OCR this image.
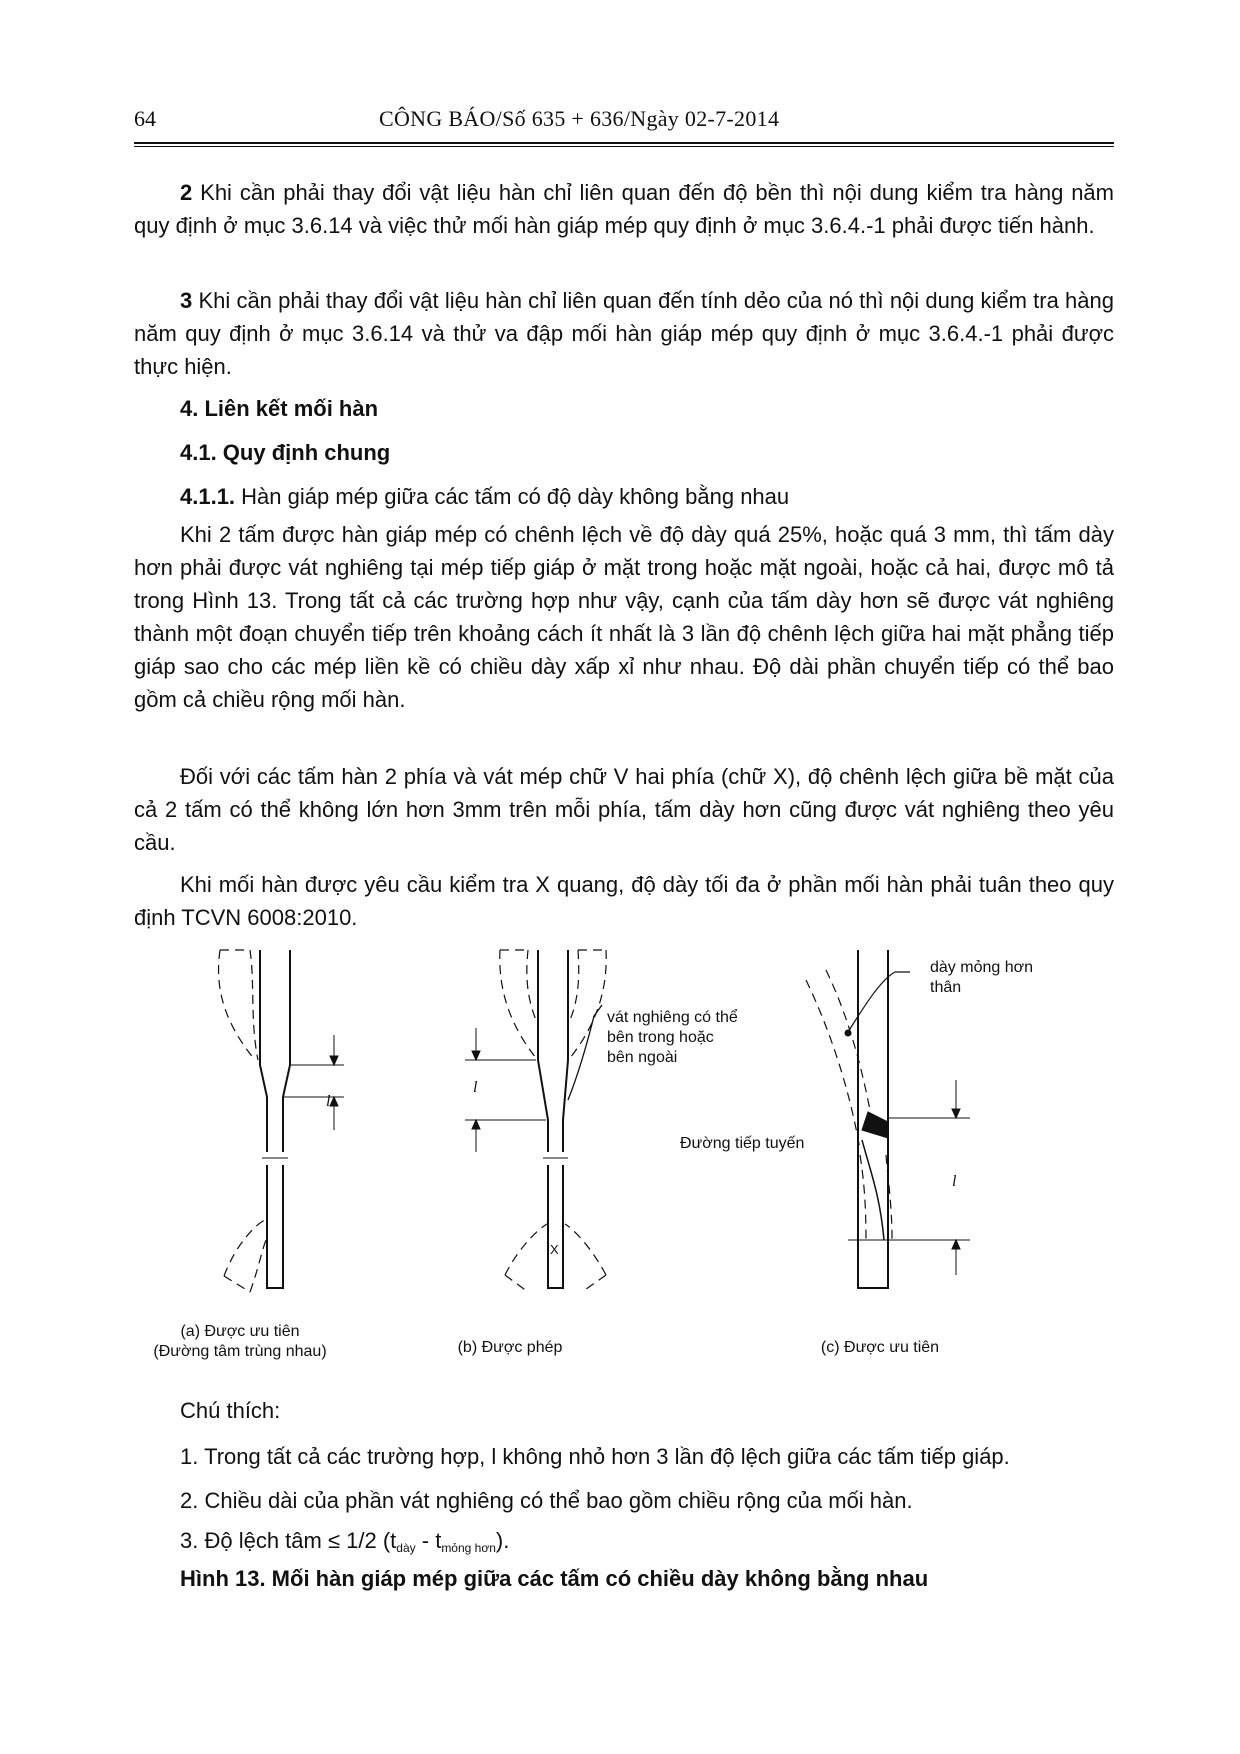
64	CÔNG BÁO/Số 635 + 636/Ngày 02-7-2014

2 Khi cần phải thay đổi vật liệu hàn chỉ liên quan đến độ bền thì nội dung kiểm tra hàng năm quy định ở mục 3.6.14 và việc thử mối hàn giáp mép quy định ở mục 3.6.4.-1 phải được tiến hành.

3 Khi cần phải thay đổi vật liệu hàn chỉ liên quan đến tính dẻo của nó thì nội dung kiểm tra hàng năm quy định ở mục 3.6.14 và thử va đập mối hàn giáp mép quy định ở mục 3.6.4.-1 phải được thực hiện.

4. Liên kết mối hàn

4.1. Quy định chung

4.1.1. Hàn giáp mép giữa các tấm có độ dày không bằng nhau

Khi 2 tấm được hàn giáp mép có chênh lệch về độ dày quá 25%, hoặc quá 3 mm, thì tấm dày hơn phải được vát nghiêng tại mép tiếp giáp ở mặt trong hoặc mặt ngoài, hoặc cả hai, được mô tả trong Hình 13. Trong tất cả các trường hợp như vậy, cạnh của tấm dày hơn sẽ được vát nghiêng thành một đoạn chuyển tiếp trên khoảng cách ít nhất là 3 lần độ chênh lệch giữa hai mặt phẳng tiếp giáp sao cho các mép liền kề có chiều dày xấp xỉ như nhau. Độ dài phần chuyển tiếp có thể bao gồm cả chiều rộng mối hàn.

Đối với các tấm hàn 2 phía và vát mép chữ V hai phía (chữ X), độ chênh lệch giữa bề mặt của cả 2 tấm có thể không lớn hơn 3mm trên mỗi phía, tấm dày hơn cũng được vát nghiêng theo yêu cầu.

Khi mối hàn được yêu cầu kiểm tra X quang, độ dày tối đa ở phần mối hàn phải tuân theo quy định TCVN 6008:2010.

l
l
l
X
vát nghiêng có thể
bên trong hoặc
bên ngoài
dày mỏng hơn
thân
Đường tiếp tuyến
(a) Được ưu tiên
(Đường tâm trùng nhau)	(b) Được phép	(c) Được ưu tiên
Chú thích:
1. Trong tất cả các trường hợp, l không nhỏ hơn 3 lần độ lệch giữa các tấm tiếp giáp.
2. Chiều dài của phần vát nghiêng có thể bao gồm chiều rộng của mối hàn.
3. Độ lệch tâm ≤ 1/2 $(t_{dày} - t_{mỏng hơn})$.
Hình 13. Mối hàn giáp mép giữa các tấm có chiều dày không bằng nhau
